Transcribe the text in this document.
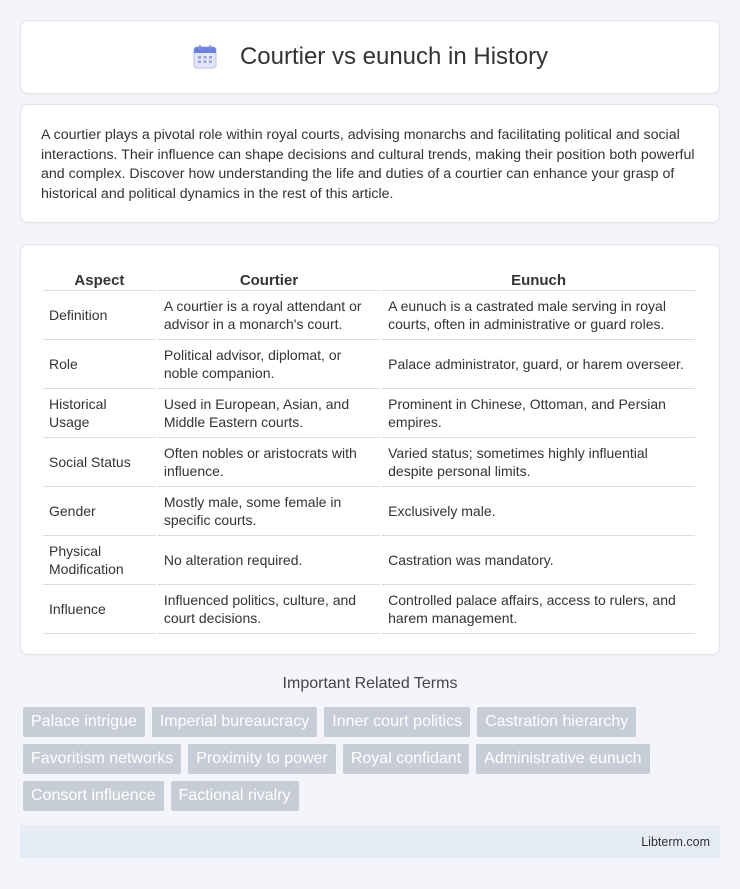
Courtier vs eunuch in History

A courtier plays a pivotal role within royal courts, advising monarchs and facilitating political and social interactions. Their influence can shape decisions and cultural trends, making their position both powerful and complex. Discover how understanding the life and duties of a courtier can enhance your grasp of historical and political dynamics in the rest of this article.

Aspect	Courtier	Eunuch
Definition	A courtier is a royal attendant or advisor in a monarch's court.	A eunuch is a castrated male serving in royal courts, often in administrative or guard roles.
Role	Political advisor, diplomat, or noble companion.	Palace administrator, guard, or harem overseer.
Historical Usage	Used in European, Asian, and Middle Eastern courts.	Prominent in Chinese, Ottoman, and Persian empires.
Social Status	Often nobles or aristocrats with influence.	Varied status; sometimes highly influential despite personal limits.
Gender	Mostly male, some female in specific courts.	Exclusively male.
Physical Modification	No alteration required.	Castration was mandatory.
Influence	Influenced politics, culture, and court decisions.	Controlled palace affairs, access to rulers, and harem management.
Important Related Terms
Palace intrigue	Imperial bureaucracy	Inner court politics	Castration hierarchy
Favoritism networks	Proximity to power	Royal confidant	Administrative eunuch
Consort influence	Factional rivalry
Libterm.com
